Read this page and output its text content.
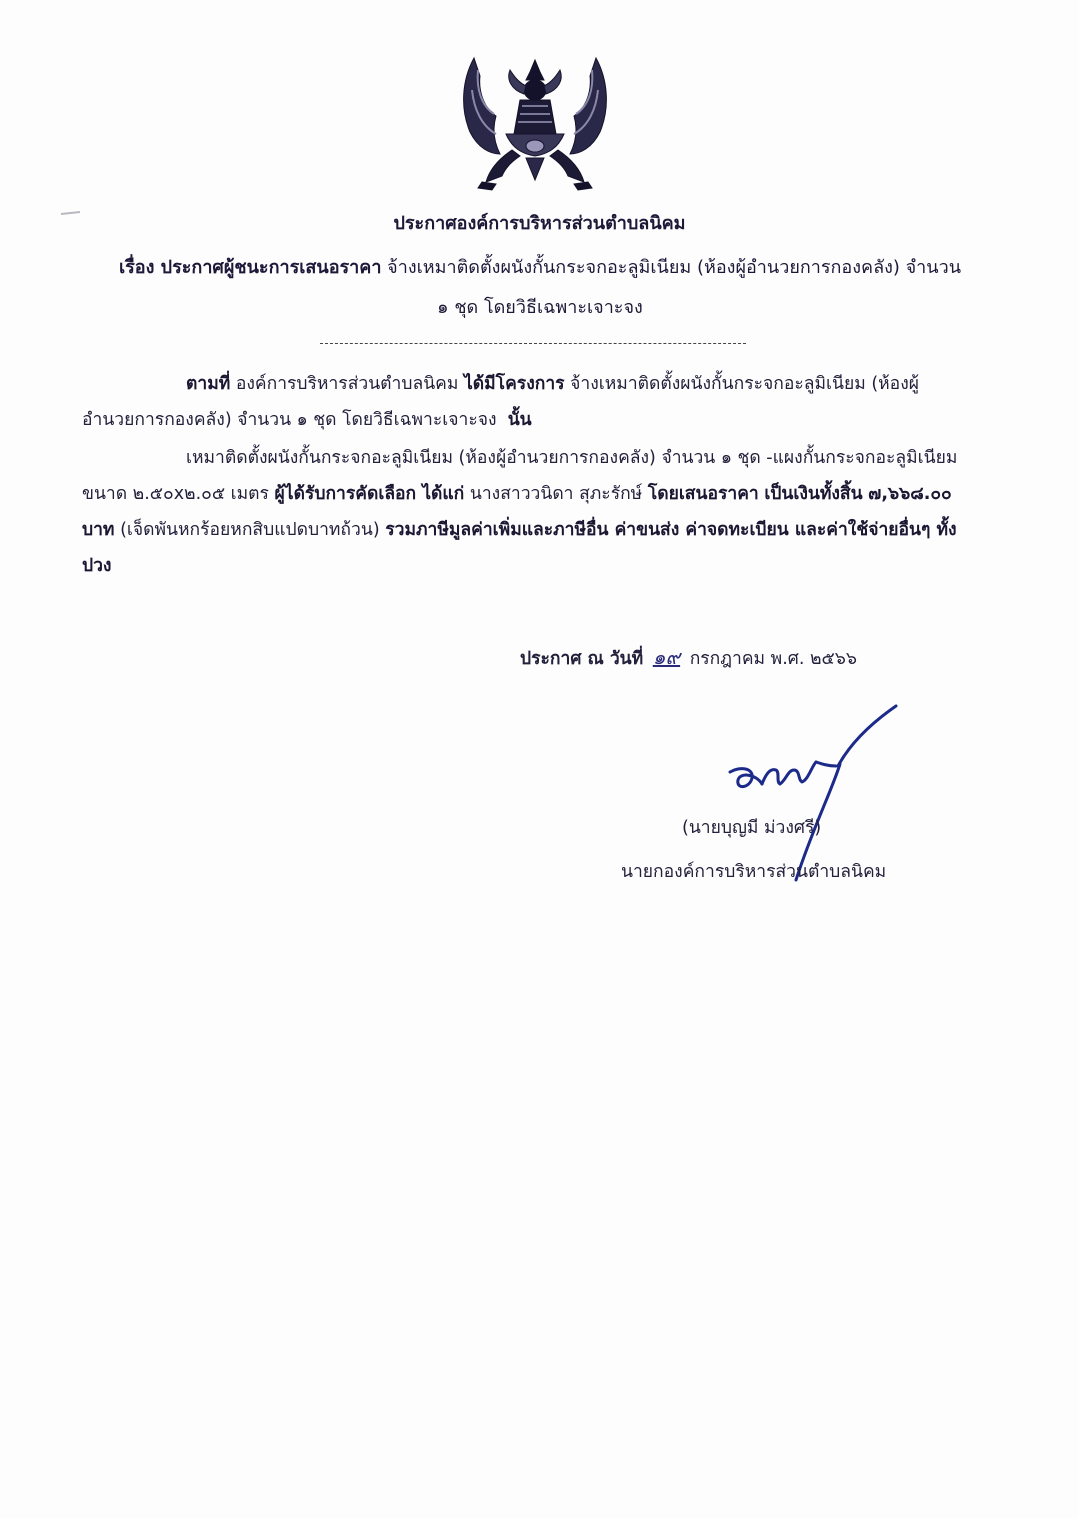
ประกาศองค์การบริหารส่วนตำบลนิคม
เรื่อง ประกาศผู้ชนะการเสนอราคา จ้างเหมาติดตั้งผนังกั้นกระจกอะลูมิเนียม (ห้องผู้อำนวยการกองคลัง) จำนวน
๑ ชุด โดยวิธีเฉพาะเจาะจง
ตามที่ องค์การบริหารส่วนตำบลนิคม ได้มีโครงการ จ้างเหมาติดตั้งผนังกั้นกระจกอะลูมิเนียม (ห้องผู้อำนวยการกองคลัง) จำนวน ๑ ชุด โดยวิธีเฉพาะเจาะจง นั้น
เหมาติดตั้งผนังกั้นกระจกอะลูมิเนียม (ห้องผู้อำนวยการกองคลัง) จำนวน ๑ ชุด -แผงกั้นกระจกอะลูมิเนียม ขนาด ๒.๕๐x๒.๐๕ เมตร ผู้ได้รับการคัดเลือก ได้แก่ นางสาววนิดา สุภะรักษ์ โดยเสนอราคา เป็นเงินทั้งสิ้น ๗,๖๖๘.๐๐ บาท (เจ็ดพันหกร้อยหกสิบแปดบาทถ้วน) รวมภาษีมูลค่าเพิ่มและภาษีอื่น ค่าขนส่ง ค่าจดทะเบียน และค่าใช้จ่ายอื่นๆ ทั้งปวง
ประกาศ ณ วันที่ ๑๙ กรกฎาคม พ.ศ. ๒๕๖๖
(นายบุญมี ม่วงศรี)
นายกองค์การบริหารส่วนตำบลนิคม
